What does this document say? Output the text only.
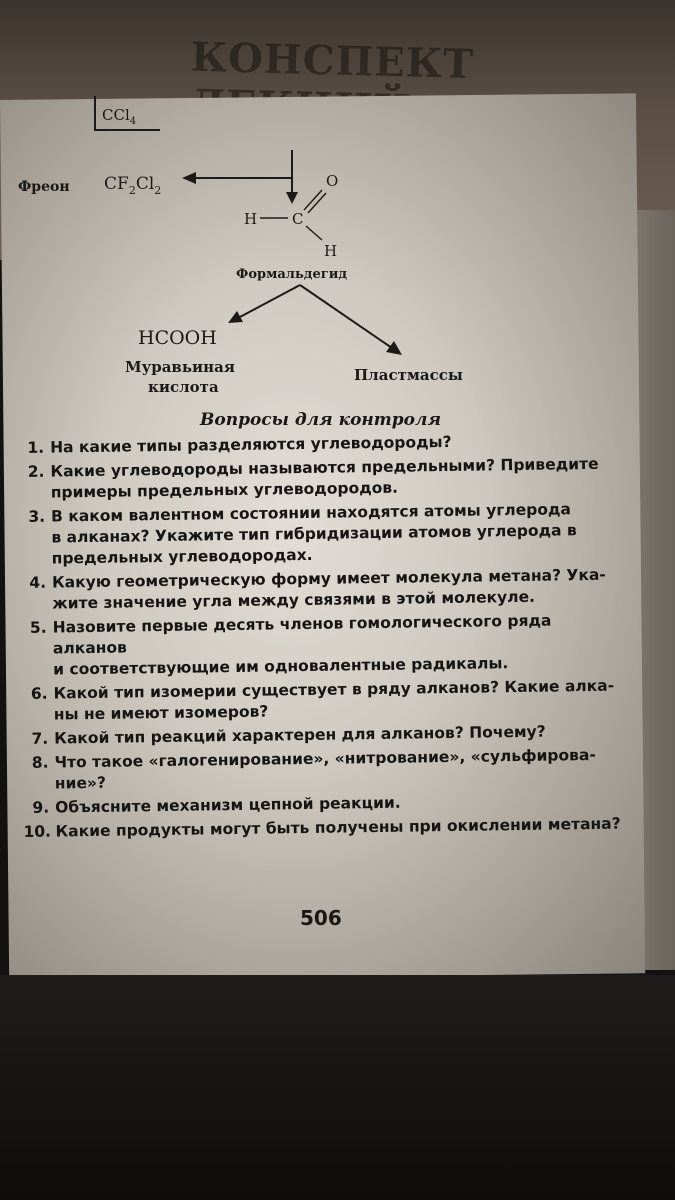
КОНСПЕКТ
CCl$_4$
Фреон $CF_2Cl_2$
H C
O
H
Формальдегид
HCOOH
Муравьиная
кислота
Пластмассы
Вопросы для контроля
1. На какие типы разделяются углеводороды?
2. Какие углеводороды называются предельными? Приведите
примеры предельных углеводородов.
3. В каком валентном состоянии находятся атомы углерода
в алканах? Укажите тип гибридизации атомов углерода в
предельных углеводородах.
4. Какую геометрическую форму имеет молекула метана? Ука-
жите значение угла между связями в этой молекуле.
5. Назовите первые десять членов гомологического ряда алканов
и соответствующие им одновалентные радикалы.
6. Какой тип изомерии существует в ряду алканов? Какие алка-
ны не имеют изомеров?
7. Какой тип реакций характерен для алканов? Почему?
8. Что такое «галогенирование», «нитрование», «сульфирова-
ние»?
9. Объясните механизм цепной реакции.
10. Какие продукты могут быть получены при окислении метана?
506
